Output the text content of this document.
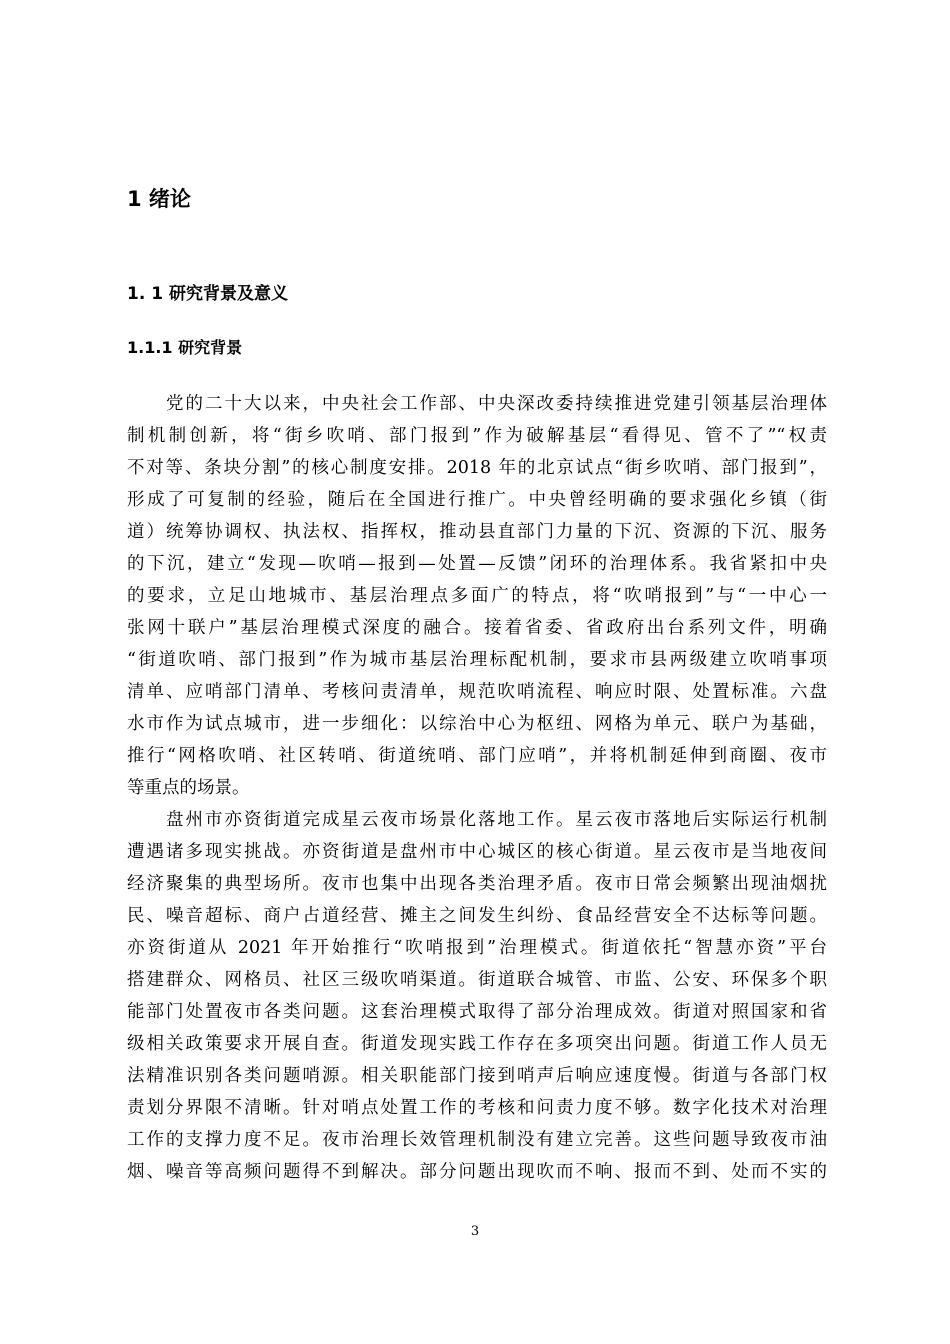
1 绪论
1. 1 研究背景及意义
1.1.1 研究背景
　　党的二十大以来，中央社会工作部、中央深改委持续推进党建引领基层治理体
制机制创新，将“街乡吹哨、部门报到”作为破解基层“看得见、管不了”“权责
不对等、条块分割”的核心制度安排。2018 年的北京试点“街乡吹哨、部门报到”，
形成了可复制的经验，随后在全国进行推广。中央曾经明确的要求强化乡镇（街
道）统筹协调权、执法权、指挥权，推动县直部门力量的下沉、资源的下沉、服务
的下沉，建立“发现—吹哨—报到—处置—反馈”闭环的治理体系。我省紧扣中央
的要求，立足山地城市、基层治理点多面广的特点，将“吹哨报到”与“一中心一
张网十联户”基层治理模式深度的融合。接着省委、省政府出台系列文件，明确
“街道吹哨、部门报到”作为城市基层治理标配机制，要求市县两级建立吹哨事项
清单、应哨部门清单、考核问责清单，规范吹哨流程、响应时限、处置标准。六盘
水市作为试点城市，进一步细化：以综治中心为枢纽、网格为单元、联户为基础，
推行“网格吹哨、社区转哨、街道统哨、部门应哨”，并将机制延伸到商圈、夜市
等重点的场景。
　　盘州市亦资街道完成星云夜市场景化落地工作。星云夜市落地后实际运行机制
遭遇诸多现实挑战。亦资街道是盘州市中心城区的核心街道。星云夜市是当地夜间
经济聚集的典型场所。夜市也集中出现各类治理矛盾。夜市日常会频繁出现油烟扰
民、噪音超标、商户占道经营、摊主之间发生纠纷、食品经营安全不达标等问题。
亦资街道从 2021 年开始推行“吹哨报到”治理模式。街道依托“智慧亦资”平台
搭建群众、网格员、社区三级吹哨渠道。街道联合城管、市监、公安、环保多个职
能部门处置夜市各类问题。这套治理模式取得了部分治理成效。街道对照国家和省
级相关政策要求开展自查。街道发现实践工作存在多项突出问题。街道工作人员无
法精准识别各类问题哨源。相关职能部门接到哨声后响应速度慢。街道与各部门权
责划分界限不清晰。针对哨点处置工作的考核和问责力度不够。数字化技术对治理
工作的支撑力度不足。夜市治理长效管理机制没有建立完善。这些问题导致夜市油
烟、噪音等高频问题得不到解决。部分问题出现吹而不响、报而不到、处而不实的
3
